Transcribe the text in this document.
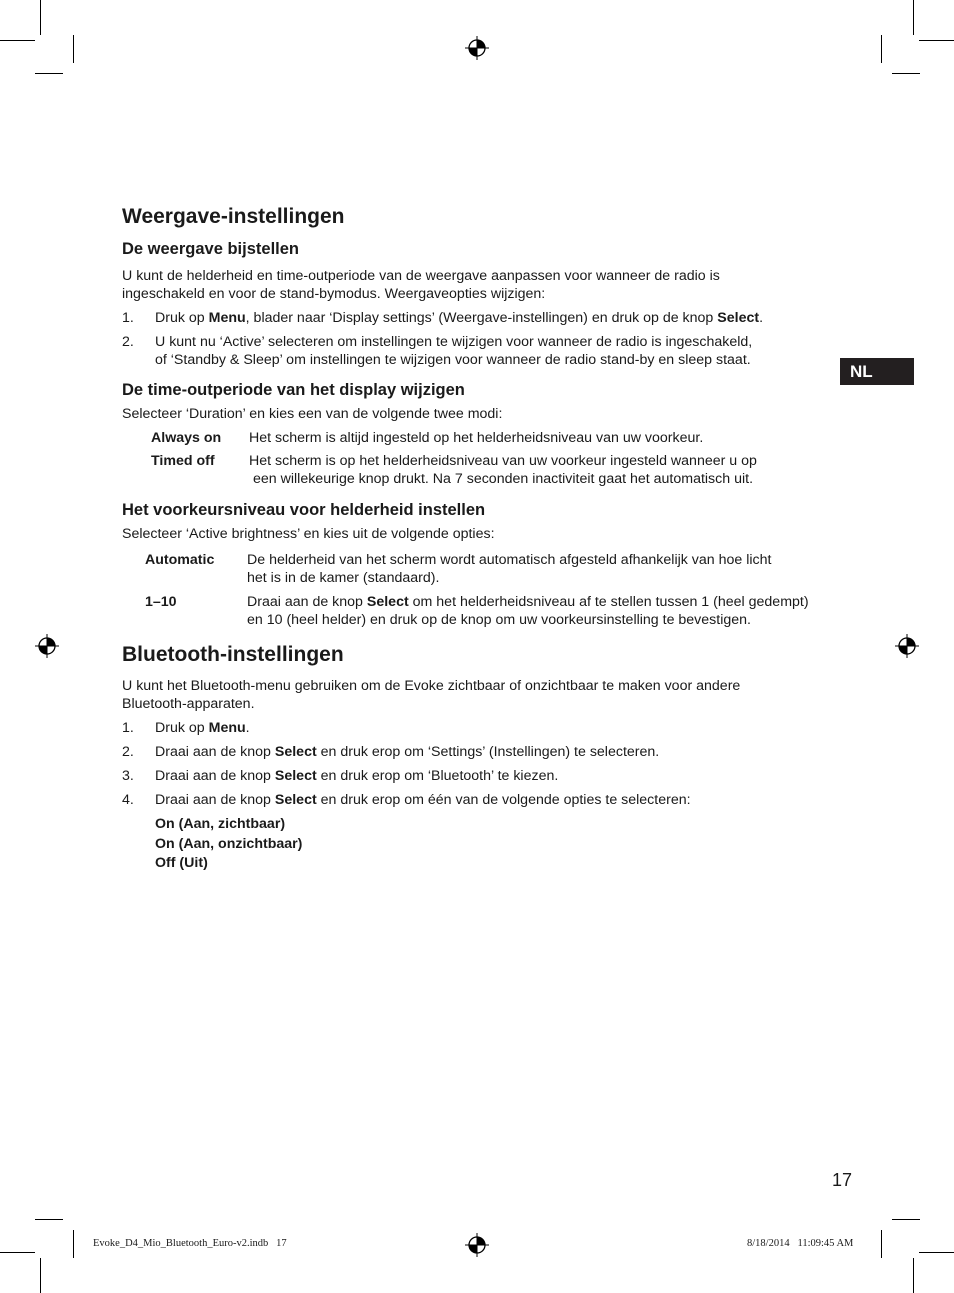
Weergave-instellingen
De weergave bijstellen
U kunt de helderheid en time-outperiode van de weergave aanpassen voor wanneer de radio is
ingeschakeld en voor de stand-bymodus. Weergaveopties wijzigen:
1.	Druk op Menu, blader naar ‘Display settings’ (Weergave-instellingen) en druk op de knop Select.
2.	U kunt nu ‘Active’ selecteren om instellingen te wijzigen voor wanneer de radio is ingeschakeld,
of ‘Standby & Sleep’ om instellingen te wijzigen voor wanneer de radio stand-by en sleep staat.
De time-outperiode van het display wijzigen
Selecteer ‘Duration’ en kies een van de volgende twee modi:
Always on Het scherm is altijd ingesteld op het helderheidsniveau van uw voorkeur.
Timed off Het scherm is op het helderheidsniveau van uw voorkeur ingesteld wanneer u op
een willekeurige knop drukt. Na 7 seconden inactiviteit gaat het automatisch uit.
Het voorkeursniveau voor helderheid instellen
Selecteer ‘Active brightness’ en kies uit de volgende opties:
Automatic De helderheid van het scherm wordt automatisch afgesteld afhankelijk van hoe licht
het is in de kamer (standaard).
1–10	Draai aan de knop Select om het helderheidsniveau af te stellen tussen 1 (heel gedempt)
en 10 (heel helder) en druk op de knop om uw voorkeursinstelling te bevestigen.
Bluetooth-instellingen
U kunt het Bluetooth-menu gebruiken om de Evoke zichtbaar of onzichtbaar te maken voor andere
Bluetooth-apparaten.
1.	Druk op Menu.
2.	Draai aan de knop Select en druk erop om ‘Settings’ (Instellingen) te selecteren.
3.	Draai aan de knop Select en druk erop om ‘Bluetooth’ te kiezen.
4.	Draai aan de knop Select en druk erop om één van de volgende opties te selecteren:
On (Aan, zichtbaar)
On (Aan, onzichtbaar)
Off (Uit)
NL
17
Evoke_D4_Mio_Bluetooth_Euro-v2.indb   17	8/18/2014   11:09:45 AM
